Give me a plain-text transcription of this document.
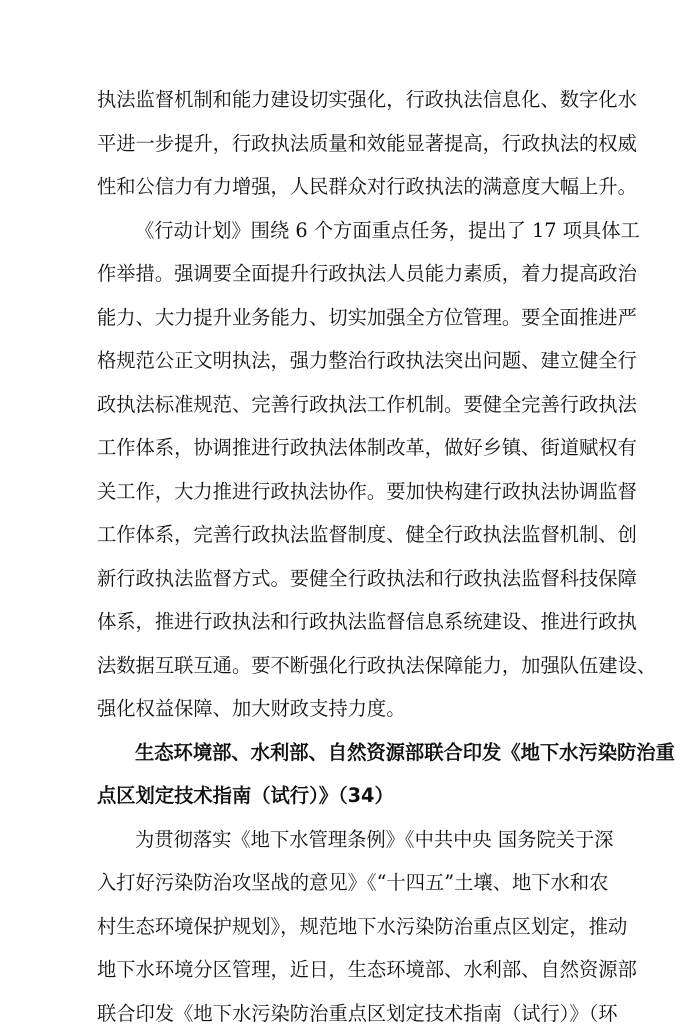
执法监督机制和能力建设切实强化，行政执法信息化、数字化水
平进一步提升，行政执法质量和效能显著提高，行政执法的权威
性和公信力有力增强，人民群众对行政执法的满意度大幅上升。
《行动计划》围绕 6 个方面重点任务，提出了 17 项具体工
作举措。强调要全面提升行政执法人员能力素质，着力提高政治
能力、大力提升业务能力、切实加强全方位管理。要全面推进严
格规范公正文明执法，强力整治行政执法突出问题、建立健全行
政执法标准规范、完善行政执法工作机制。要健全完善行政执法
工作体系，协调推进行政执法体制改革，做好乡镇、街道赋权有
关工作，大力推进行政执法协作。要加快构建行政执法协调监督
工作体系，完善行政执法监督制度、健全行政执法监督机制、创
新行政执法监督方式。要健全行政执法和行政执法监督科技保障
体系，推进行政执法和行政执法监督信息系统建设、推进行政执
法数据互联互通。要不断强化行政执法保障能力，加强队伍建设、
强化权益保障、加大财政支持力度。
生态环境部、水利部、自然资源部联合印发《地下水污染防治重
点区划定技术指南（试行）》（34）
为贯彻落实《地下水管理条例》《中共中央 国务院关于深
入打好污染防治攻坚战的意见》《“十四五”土壤、地下水和农
村生态环境保护规划》，规范地下水污染防治重点区划定，推动
地下水环境分区管理，近日，生态环境部、水利部、自然资源部
联合印发《地下水污染防治重点区划定技术指南（试行）》（环
